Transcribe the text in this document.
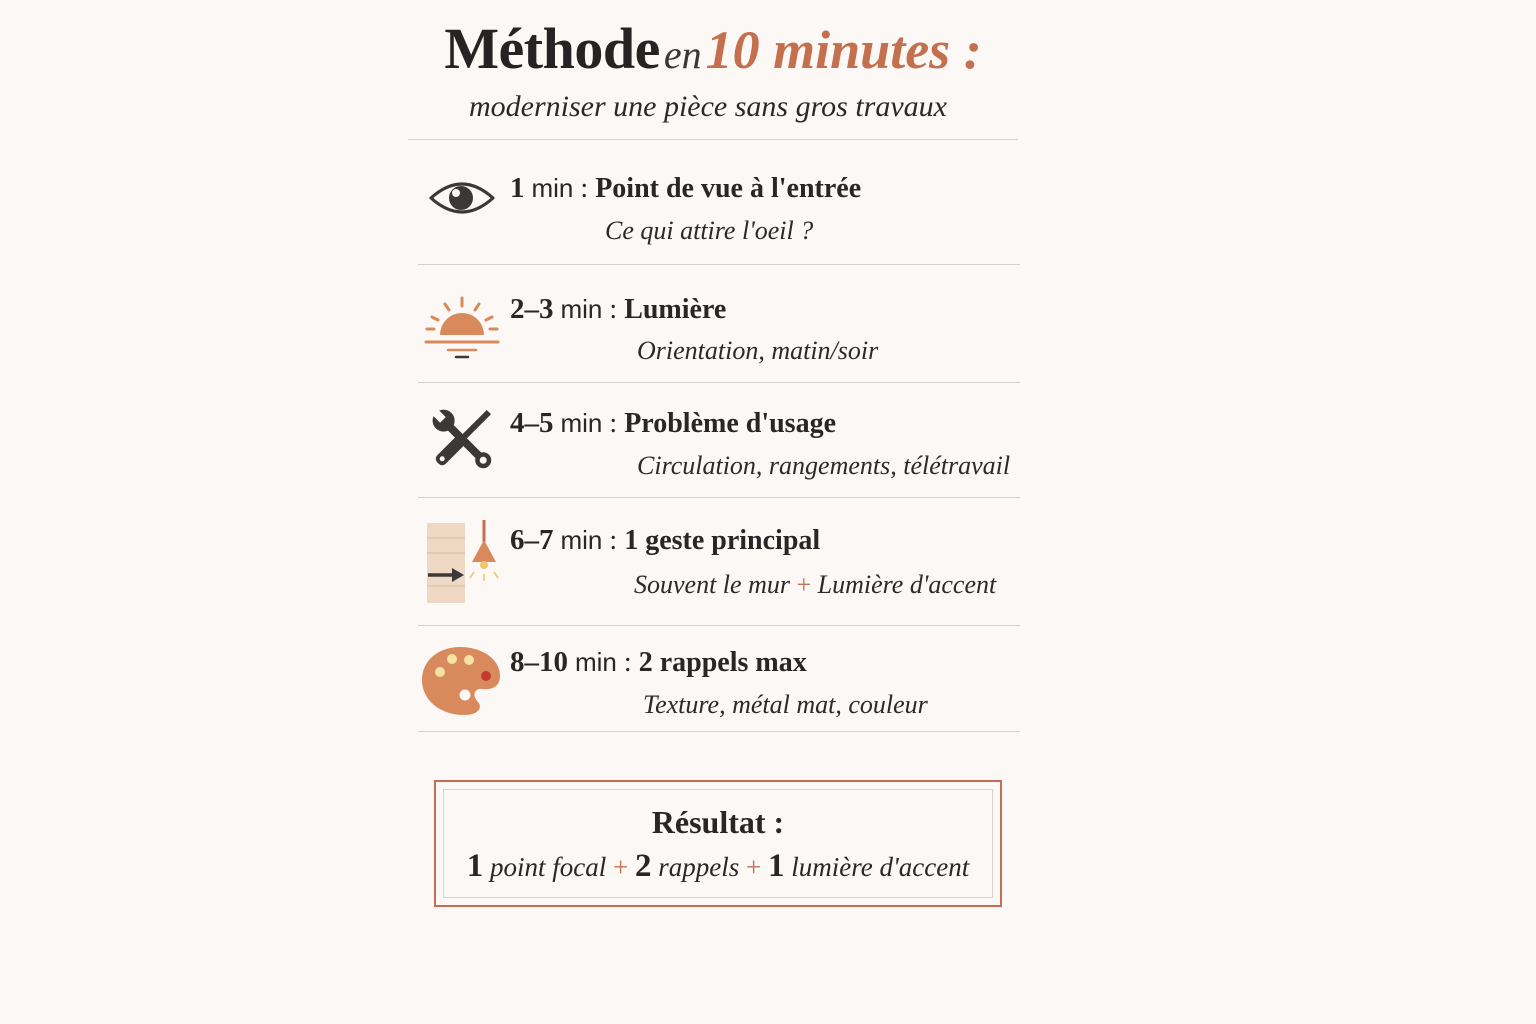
Méthode en 10 minutes :
moderniser une pièce sans gros travaux
1 min : Point de vue à l'entrée
Ce qui attire l'oeil ?
2–3 min : Lumière
Orientation, matin/soir
4–5 min : Problème d'usage
Circulation, rangements, télétravail
6–7 min : 1 geste principal
Souvent le mur + Lumière d'accent
8–10 min : 2 rappels max
Texture, métal mat, couleur
Résultat :
1 point focal + 2 rappels + 1 lumière d'accent
